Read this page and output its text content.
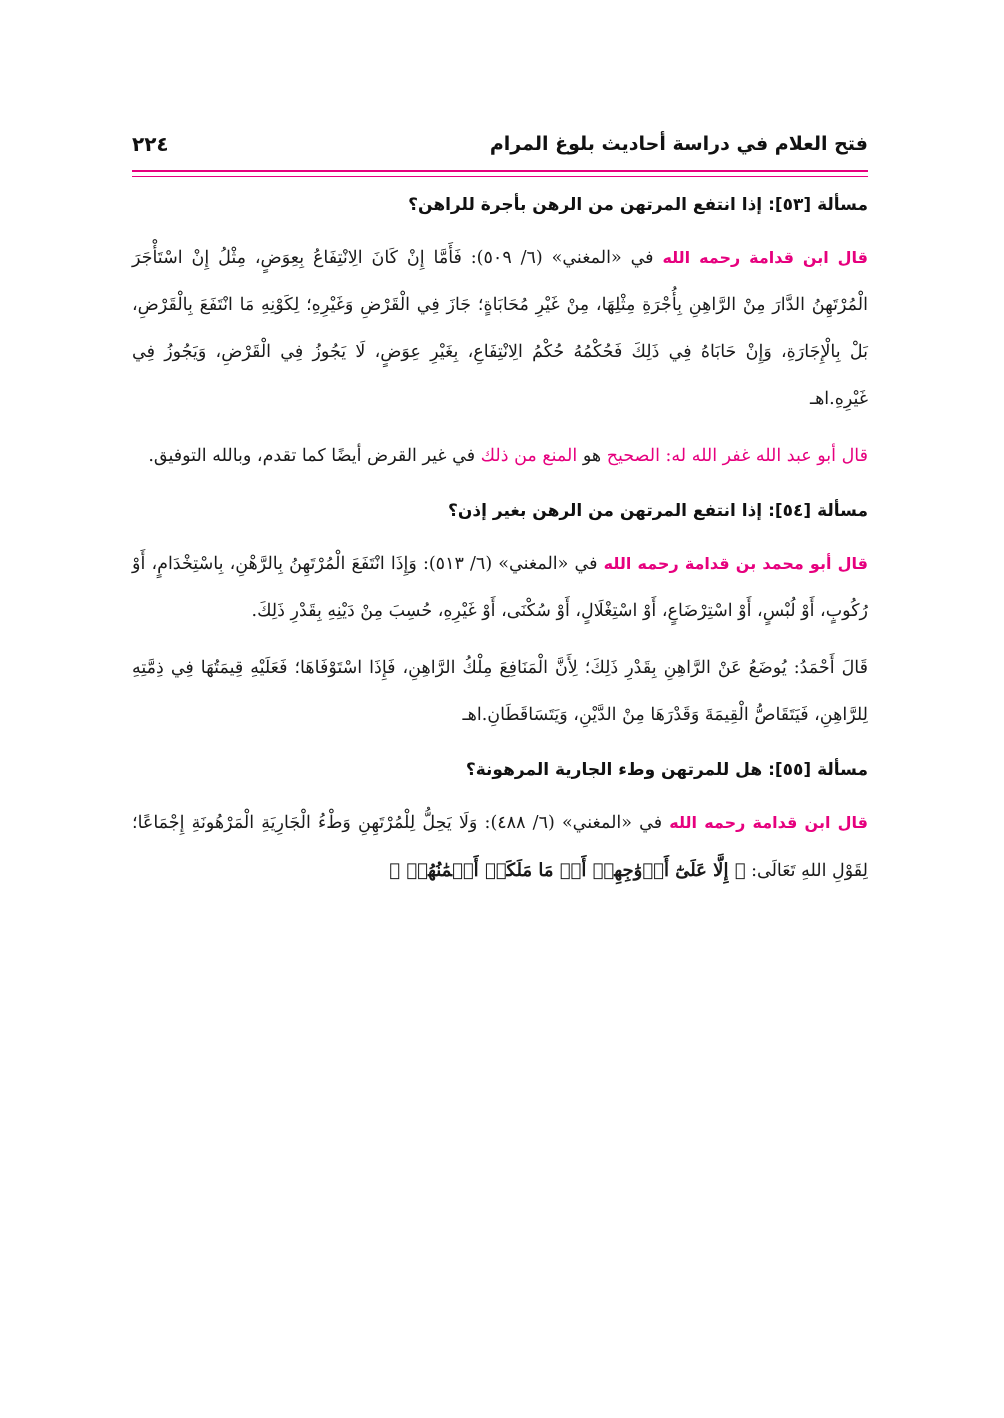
فتح العلام في دراسة أحاديث بلوغ المرام
٢٢٤
مسألة [٥٣]: إذا انتفع المرتهن من الرهن بأجرة للراهن؟

قال ابن قدامة رحمه الله في «المغني» (٦/ ٥٠٩): فَأَمَّا إِنْ كَانَ الِانْتِفَاعُ بِعِوَضٍ، مِثْلُ إِنْ اسْتَأْجَرَ الْمُرْتَهِنُ الدَّارَ مِنْ الرَّاهِنِ بِأُجْرَةِ مِثْلِهَا، مِنْ غَيْرِ مُحَابَاةٍ؛ جَازَ فِي الْقَرْضِ وَغَيْرِهِ؛ لِكَوْنِهِ مَا انْتَفَعَ بِالْقَرْضِ، بَلْ بِالْإِجَارَةِ، وَإِنْ حَابَاهُ فِي ذَلِكَ فَحُكْمُهُ حُكْمُ الِانْتِفَاعِ، بِغَيْرِ عِوَضٍ، لَا يَجُوزُ فِي الْقَرْضِ، وَيَجُوزُ فِي غَيْرِهِ.اهـ

قال أبو عبد الله غفر الله له: الصحيح هو المنع من ذلك في غير القرض أيضًا كما تقدم، وبالله التوفيق.

مسألة [٥٤]: إذا انتفع المرتهن من الرهن بغير إذن؟

قال أبو محمد بن قدامة رحمه الله في «المغني» (٦/ ٥١٣): وَإِذَا انْتَفَعَ الْمُرْتَهِنُ بِالرَّهْنِ، بِاسْتِخْدَامٍ، أَوْ رُكُوبٍ، أَوْ لُبْسٍ، أَوْ اسْتِرْضَاعٍ، أَوْ اسْتِغْلَالٍ، أَوْ سُكْنَى، أَوْ غَيْرِهِ، حُسِبَ مِنْ دَيْنِهِ بِقَدْرِ ذَلِكَ.

قَالَ أَحْمَدُ: يُوضَعُ عَنْ الرَّاهِنِ بِقَدْرِ ذَلِكَ؛ لِأَنَّ الْمَنَافِعَ مِلْكُ الرَّاهِنِ، فَإِذَا اسْتَوْفَاهَا؛ فَعَلَيْهِ قِيمَتُهَا فِي ذِمَّتِهِ لِلرَّاهِنِ، فَيَتَقَاصُّ الْقِيمَةَ وَقَدْرَهَا مِنْ الدَّيْنِ، وَيَتَسَاقَطَانِ.اهـ

مسألة [٥٥]: هل للمرتهن وطء الجارية المرهونة؟

قال ابن قدامة رحمه الله في «المغني» (٦/ ٤٨٨): وَلَا يَحِلُّ لِلْمُرْتَهِنِ وَطْءُ الْجَارِيَةِ الْمَرْهُونَةِ إِجْمَاعًا؛ لِقَوْلِ اللهِ تَعَالَى: ﴿ إِلَّا عَلَىٰٓ أَزۡوَٰجِهِمۡ أَوۡ مَا مَلَكَتۡ أَيۡمَٰنُهُمۡ ﴾
